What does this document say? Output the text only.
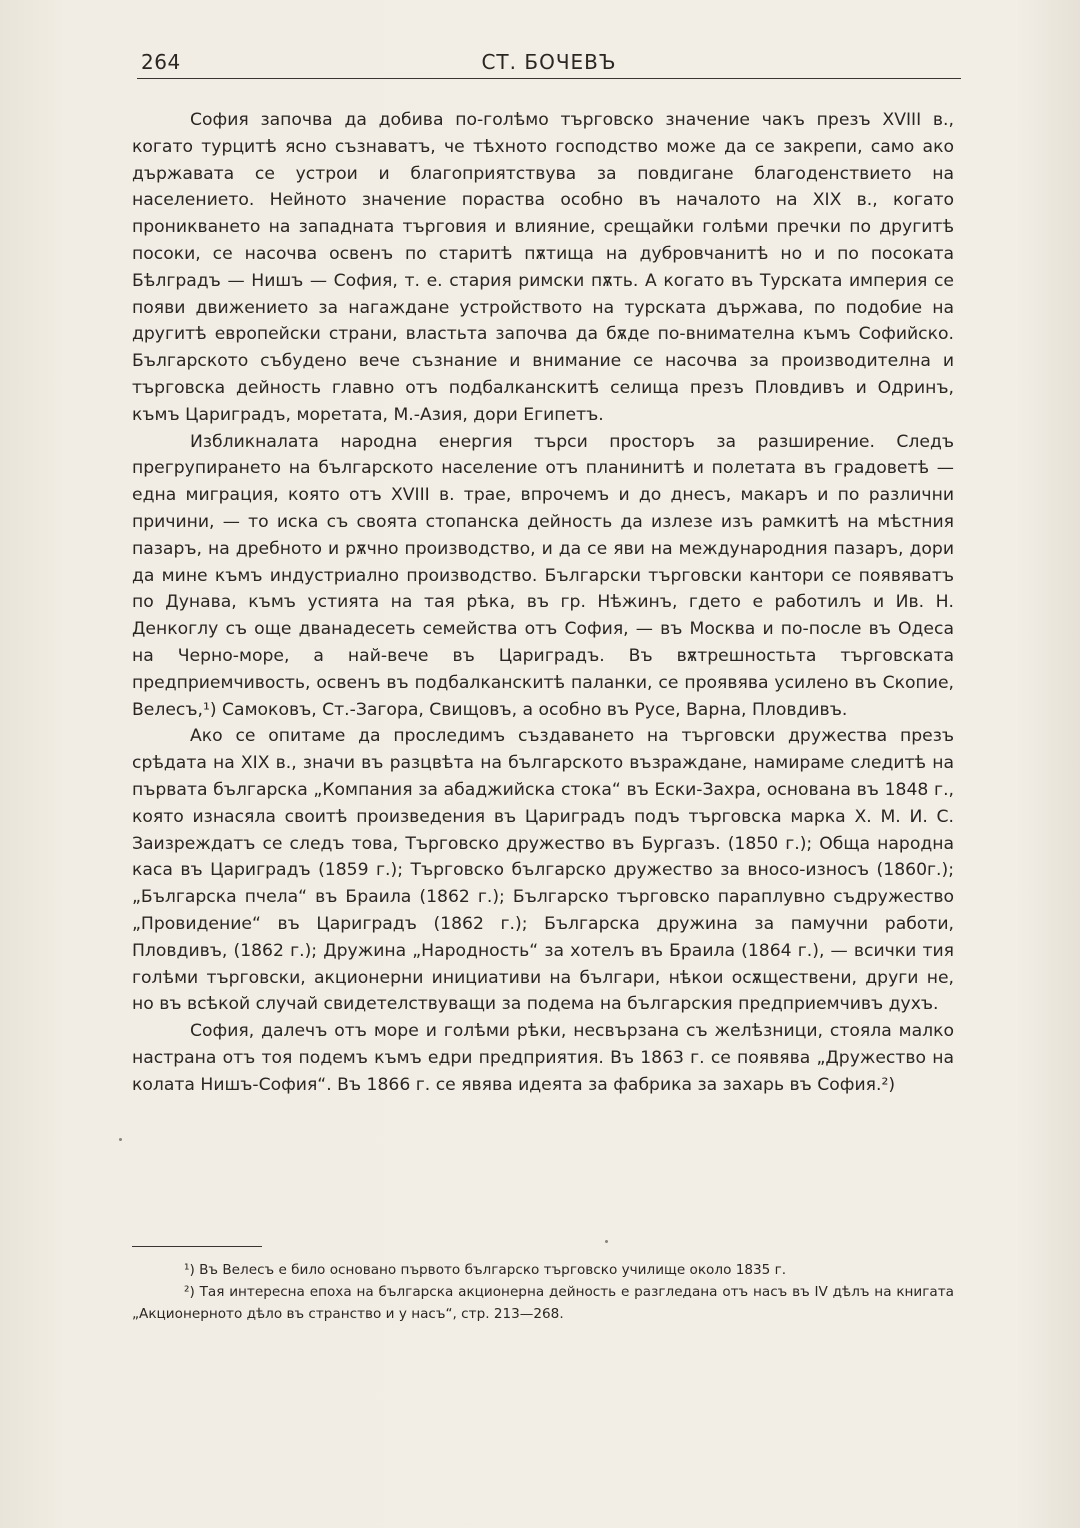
264	СТ. БОЧЕВЪ

София започва да добива по-голѣмо търговско значение чакъ презъ XVIII в., когато турцитѣ ясно съзнаватъ, че тѣхното господство може да се закрепи, само ако държавата се устрои и благоприятствува за повдигане благоденствието на населението. Нейното значение пораства особно въ началото на XIX в., когато проникването на западната търговия и влияние, срещайки голѣми пречки по другитѣ посоки, се насочва освенъ по старитѣ пѫтища на дубровчанитѣ но и по посоката Бѣлградъ — Нишъ — София, т. е. стария римски пѫть. А когато въ Турската империя се появи движението за нагаждане устройството на турската държава, по подобие на другитѣ европейски страни, властьта започва да бѫде по-внимателна къмъ Софийско. Българското събудено вече съзнание и внимание се насочва за производителна и търговска дейность главно отъ подбалканскитѣ селища презъ Пловдивъ и Одринъ, къмъ Цариградъ, моретата, М.-Азия, дори Египетъ.

Избликналата народна енергия търси просторъ за разширение. Следъ прегрупирането на българското население отъ планинитѣ и полетата въ градоветѣ — една миграция, която отъ XVIII в. трае, впрочемъ и до днесъ, макаръ и по различни причини, — то иска съ своята стопанска дейность да излезе изъ рамкитѣ на мѣстния пазаръ, на дребното и рѫчно производство, и да се яви на международния пазаръ, дори да мине къмъ индустриално производство. Български търговски кантори се появяватъ по Дунава, къмъ устията на тая рѣка, въ гр. Нѣжинъ, гдето е работилъ и Ив. Н. Денкоглу съ още дванадесеть семейства отъ София, — въ Москва и по-после въ Одеса на Черно-море, а най-вече въ Цариградъ. Въ вѫтрешностьта търговската предприемчивость, освенъ въ подбалканскитѣ паланки, се проявява усилено въ Скопие, Велесъ,¹) Самоковъ, Ст.-Загора, Свищовъ, а особно въ Русе, Варна, Пловдивъ.

Ако се опитаме да проследимъ създаването на търговски дружества презъ срѣдата на XIX в., значи въ разцвѣта на българското възраждане, намираме следитѣ на първата българска „Компания за абаджийска стока“ въ Ески-Захра, основана въ 1848 г., която изнасяла своитѣ произведения въ Цариградъ подъ търговска марка Х. М. И. С. Заизреждатъ се следъ това, Търговско дружество въ Бургазъ. (1850 г.); Обща народна каса въ Цариградъ (1859 г.); Търговско българско дружество за вносо-износъ (1860г.); „Българска пчела“ въ Браила (1862 г.); Българско търговско параплувно съдружество „Провидение“ въ Цариградъ (1862 г.); Българска дружина за памучни работи, Пловдивъ, (1862 г.); Дружина „Народность“ за хотелъ въ Браила (1864 г.), — всички тия голѣми търговски, акционерни инициативи на българи, нѣкои осѫществени, други не, но въ всѣкой случай свидетелствуващи за подема на българския предприемчивъ духъ.

София, далечъ отъ море и голѣми рѣки, несвързана съ желѣзници, стояла малко настрана отъ тоя подемъ къмъ едри предприятия. Въ 1863 г. се появява „Дружество на колата Нишъ-София“. Въ 1866 г. се явява идеята за фабрика за захарь въ София.²)

¹) Въ Велесъ е било основано първото българско търговско училище около 1835 г.

²) Тая интересна епоха на българска акционерна дейность е разгледана отъ насъ въ IV дѣлъ на книгата „Акционерното дѣло въ странство и у насъ“, стр. 213—268.
